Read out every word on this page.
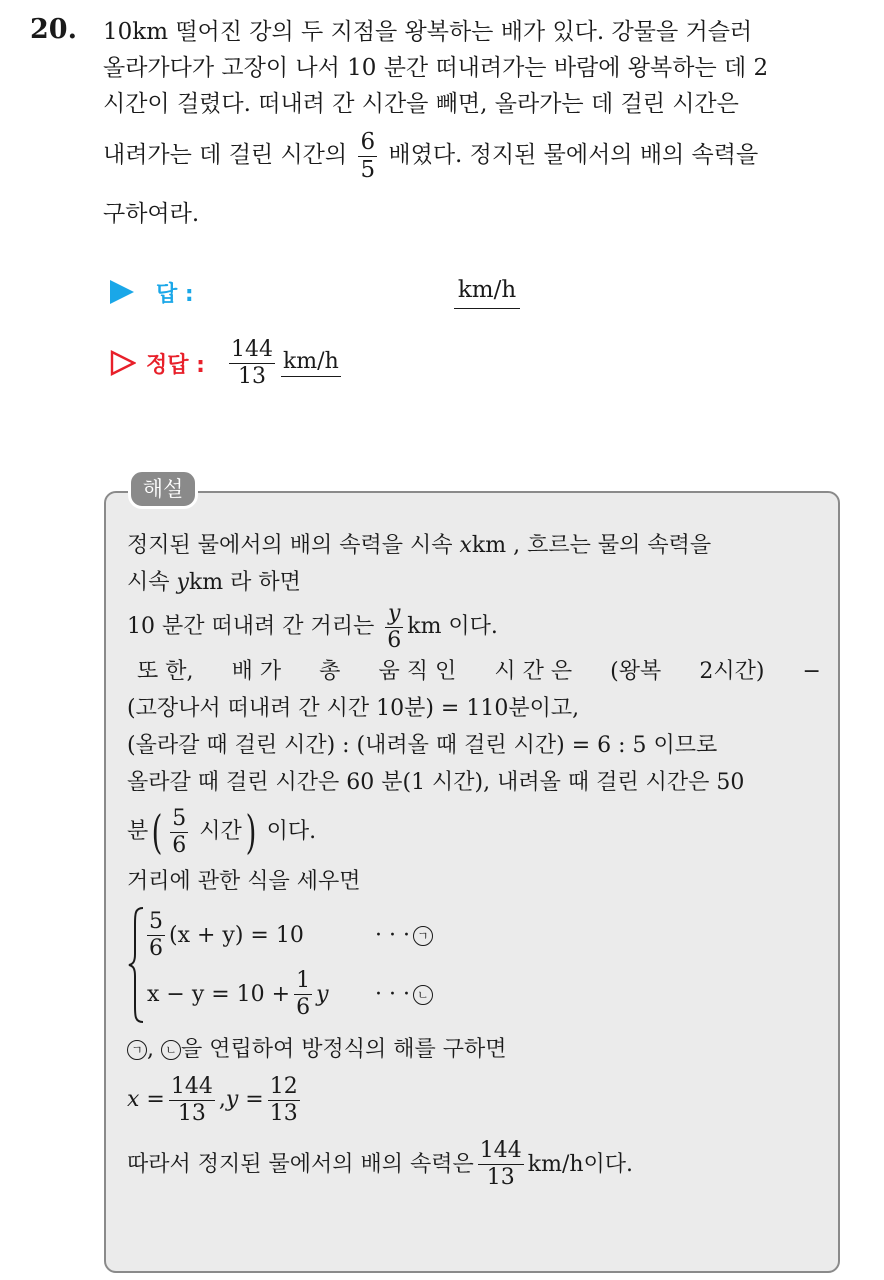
20. 10km 떨어진 강의 두 지점을 왕복하는 배가 있다. 강물을 거슬러
올라가다가 고장이 나서 10 분간 떠내려가는 바람에 왕복하는 데 2
시간이 걸렸다. 떠내려 간 시간을 빼면, 올라가는 데 걸린 시간은
내려가는 데 걸린 시간의 $\frac{6}{5}$ 배였다. 정지된 물에서의 배의 속력을
구하여라.
답 :	km/h
정답 : $\frac{144}{13} km/h$
해설
정지된 물에서의 배의 속력을 시속 xkm , 흐르는 물의 속력을
시속 ykm 라 하면
10 분간 떠내려 간 거리는 $\frac{y}{6}$ km 이다.
또 한, 배 가 총 움 직 인 시 간 은 (왕복 2시간) −
(고장나서 떠내려 간 시간 10분) = 110분이고,
(올라갈 때 걸린 시간) : (내려올 때 걸린 시간) = 6 : 5 이므로
올라갈 때 걸린 시간은 60 분(1 시간), 내려올 때 걸린 시간은 50
분( $\frac{5}{6}$ 시간) 이다.
거리에 관한 식을 세우면
$\frac{5}{6} (x + y) = 10$	· · · ㄱ
$x - y = 10 + \frac{1}{6}$ y · · · ㄴ
ㄱ , ㄴ 을 연립하여 방정식의 해를 구하면
$x = \frac{144}{13}$ , $y = \frac{12}{13}$
따라서 정지된 물에서의 배의 속력은 $\frac{144}{13} km/h$이다.
